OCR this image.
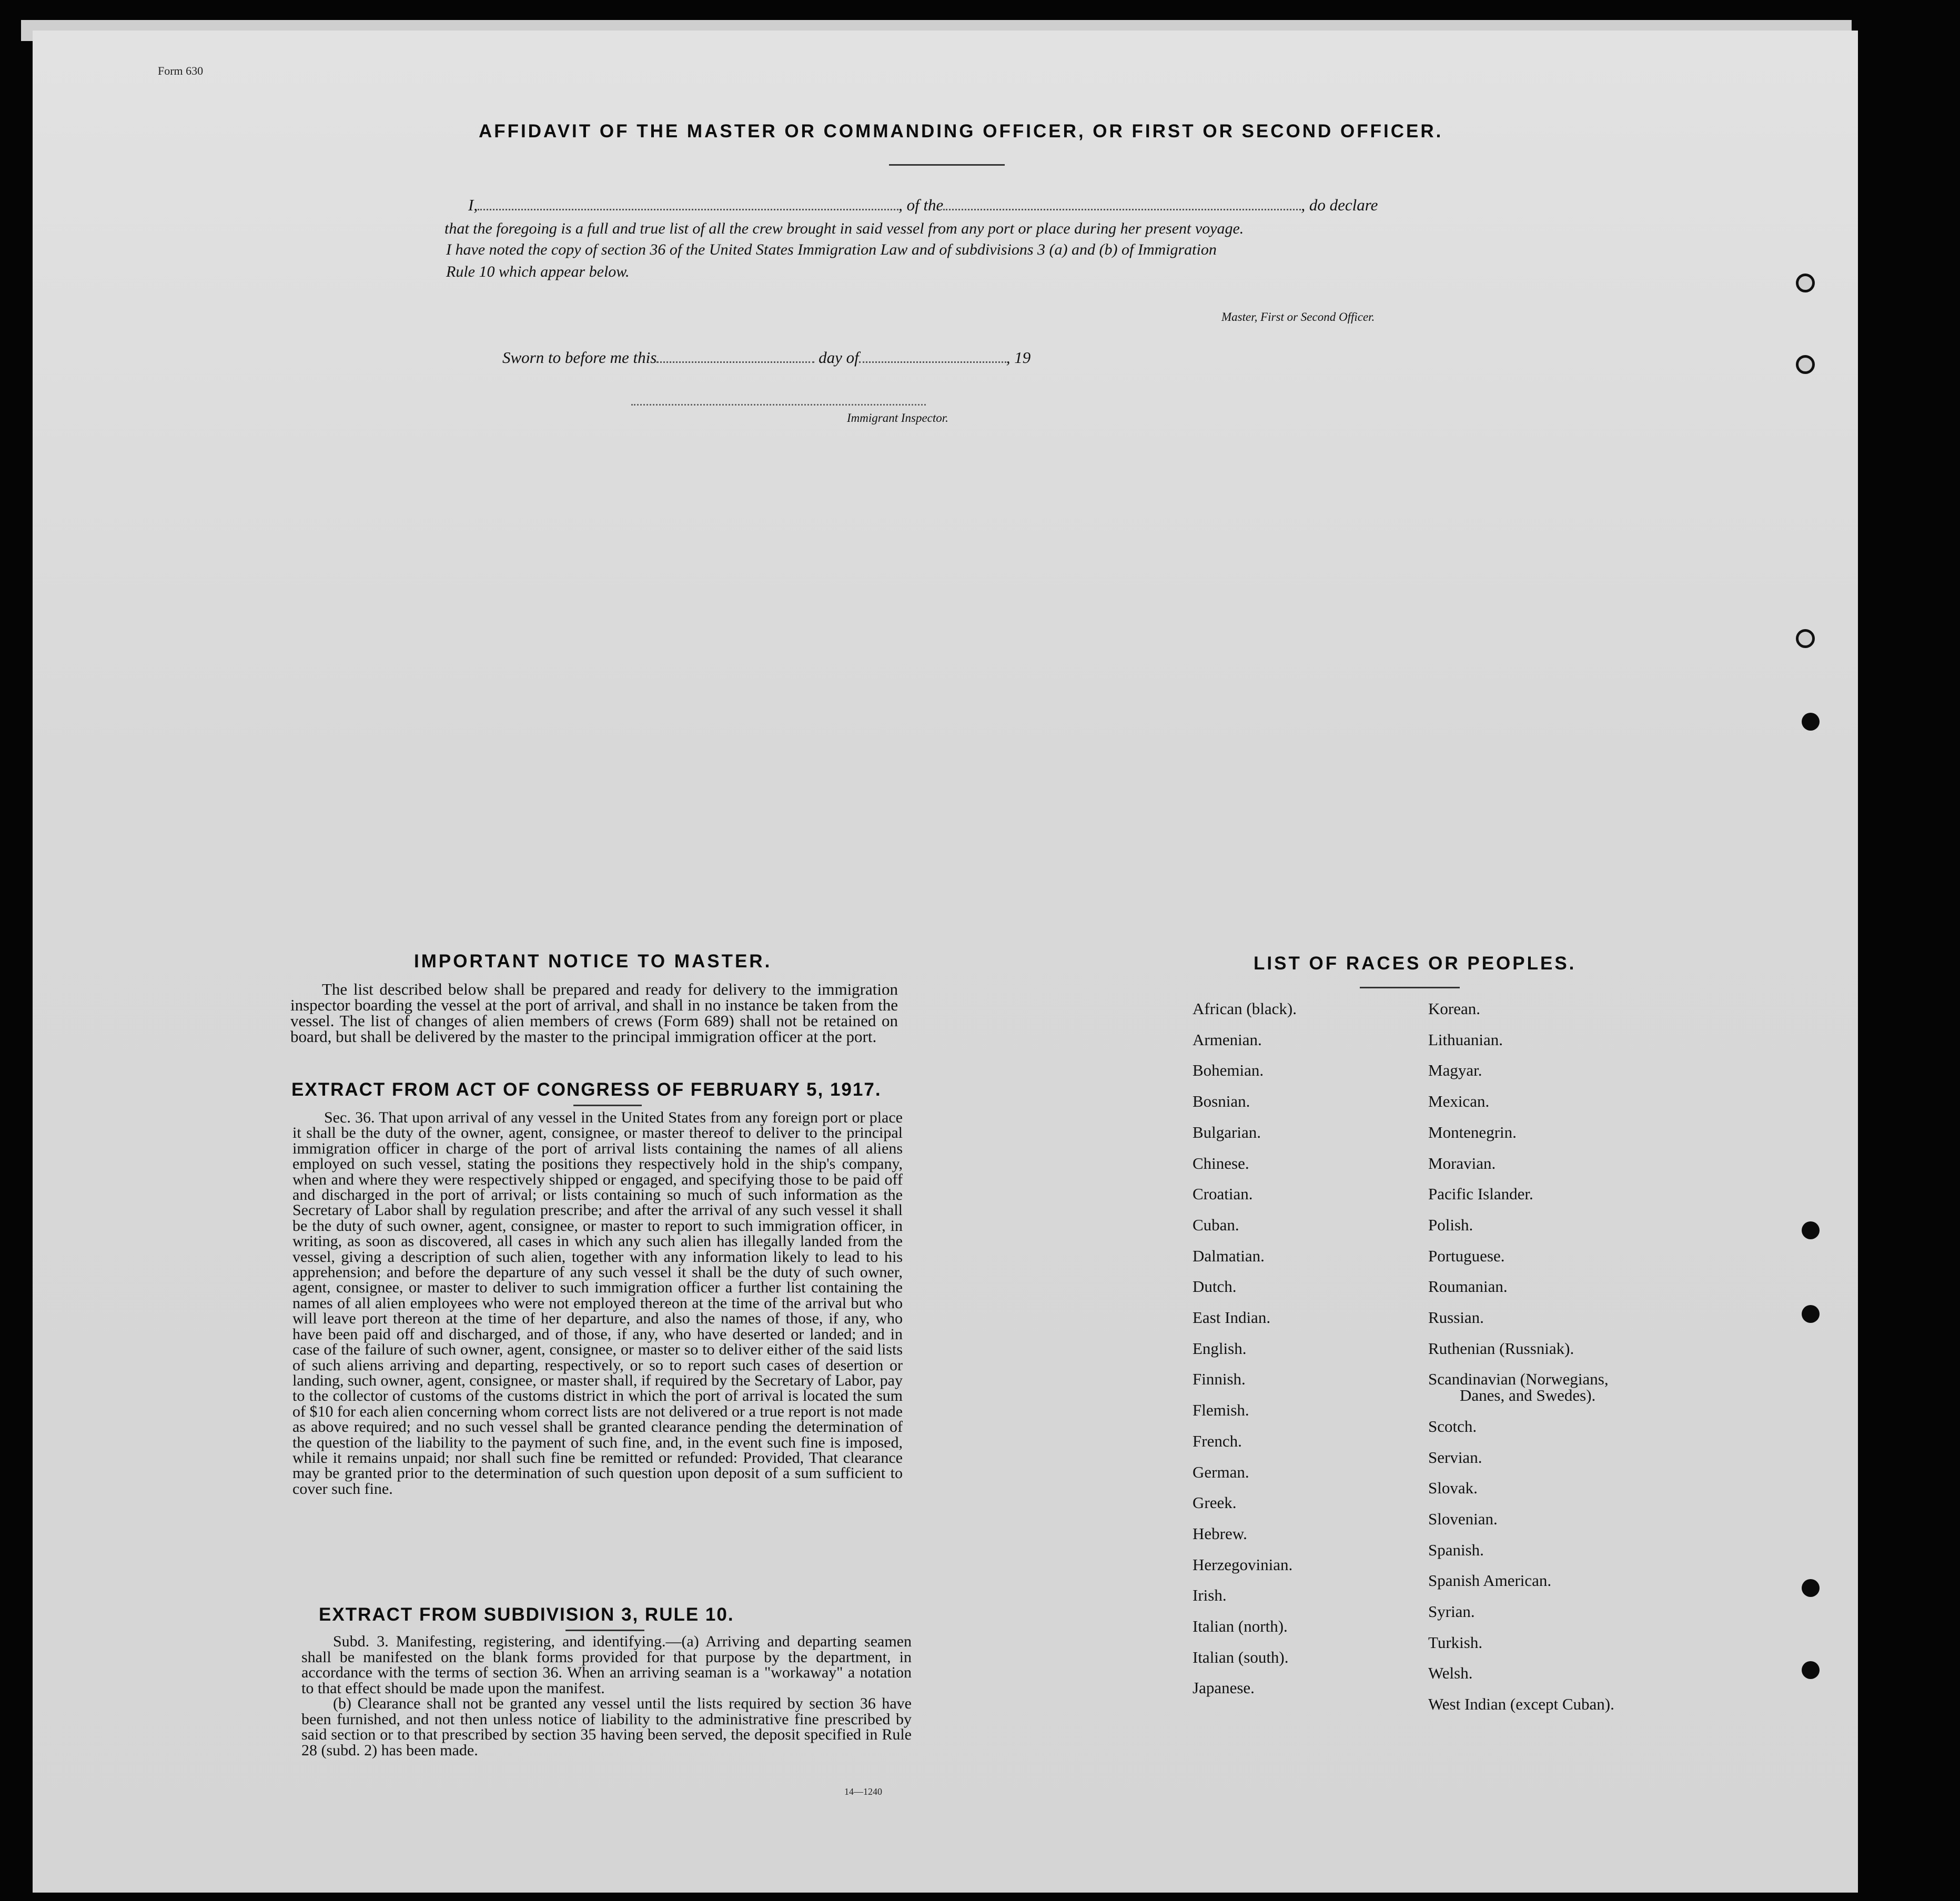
Form 630
AFFIDAVIT OF THE MASTER OR COMMANDING OFFICER, OR FIRST OR SECOND OFFICER.
I,	, of the	, do declare
that the foregoing is a full and true list of all the crew brought in said vessel from any port or place during her present voyage.
I have noted the copy of section 36 of the United States Immigration Law and of subdivisions 3 (a) and (b) of Immigration
Rule 10 which appear below.
Master, First or Second Officer.
Sworn to before me this	day of	, 19
Immigrant Inspector.
IMPORTANT NOTICE TO MASTER.

The list described below shall be prepared and ready for delivery to the immigration inspector boarding the vessel at the port of arrival, and shall in no instance be taken from the vessel. The list of changes of alien members of crews (Form 689) shall not be retained on board, but shall be delivered by the master to the principal immigration officer at the port.

EXTRACT FROM ACT OF CONGRESS OF FEBRUARY 5, 1917.

Sec. 36. That upon arrival of any vessel in the United States from any foreign port or place it shall be the duty of the owner, agent, consignee, or master thereof to deliver to the principal immigration officer in charge of the port of arrival lists containing the names of all aliens employed on such vessel, stating the positions they respectively hold in the ship's company, when and where they were respectively shipped or engaged, and specifying those to be paid off and discharged in the port of arrival; or lists containing so much of such information as the Secretary of Labor shall by regulation prescribe; and after the arrival of any such vessel it shall be the duty of such owner, agent, consignee, or master to report to such immigration officer, in writing, as soon as discovered, all cases in which any such alien has illegally landed from the vessel, giving a description of such alien, together with any information likely to lead to his apprehension; and before the departure of any such vessel it shall be the duty of such owner, agent, consignee, or master to deliver to such immigration officer a further list containing the names of all alien employees who were not employed thereon at the time of the arrival but who will leave port thereon at the time of her departure, and also the names of those, if any, who have been paid off and discharged, and of those, if any, who have deserted or landed; and in case of the failure of such owner, agent, consignee, or master so to deliver either of the said lists of such aliens arriving and departing, respectively, or so to report such cases of desertion or landing, such owner, agent, consignee, or master shall, if required by the Secretary of Labor, pay to the collector of customs of the customs district in which the port of arrival is located the sum of $10 for each alien concerning whom correct lists are not delivered or a true report is not made as above required; and no such vessel shall be granted clearance pending the determination of the question of the liability to the payment of such fine, and, in the event such fine is imposed, while it remains unpaid; nor shall such fine be remitted or refunded: Provided, That clearance may be granted prior to the determination of such question upon deposit of a sum sufficient to cover such fine.

EXTRACT FROM SUBDIVISION 3, RULE 10.

Subd. 3. Manifesting, registering, and identifying.—(a) Arriving and departing seamen shall be manifested on the blank forms provided for that purpose by the department, in accordance with the terms of section 36. When an arriving seaman is a "workaway" a notation to that effect should be made upon the manifest.

(b) Clearance shall not be granted any vessel until the lists required by section 36 have been furnished, and not then unless notice of liability to the administrative fine prescribed by said section or to that prescribed by section 35 having been served, the deposit specified in Rule 28 (subd. 2) has been made.

14—1240
LIST OF RACES OR PEOPLES.
African (black).
Armenian.
Bohemian.
Bosnian.
Bulgarian.
Chinese.
Croatian.
Cuban.
Dalmatian.
Dutch.
East Indian.
English.
Finnish.
Flemish.
French.
German.
Greek.
Hebrew.
Herzegovinian.
Irish.
Italian (north).
Italian (south).
Japanese.
Korean.
Lithuanian.
Magyar.
Mexican.
Montenegrin.
Moravian.
Pacific Islander.
Polish.
Portuguese.
Roumanian.
Russian.
Ruthenian (Russniak).
Scandinavian (Norwegians,
Danes, and Swedes).
Scotch.
Servian.
Slovak.
Slovenian.
Spanish.
Spanish American.
Syrian.
Turkish.
Welsh.
West Indian (except Cuban).
